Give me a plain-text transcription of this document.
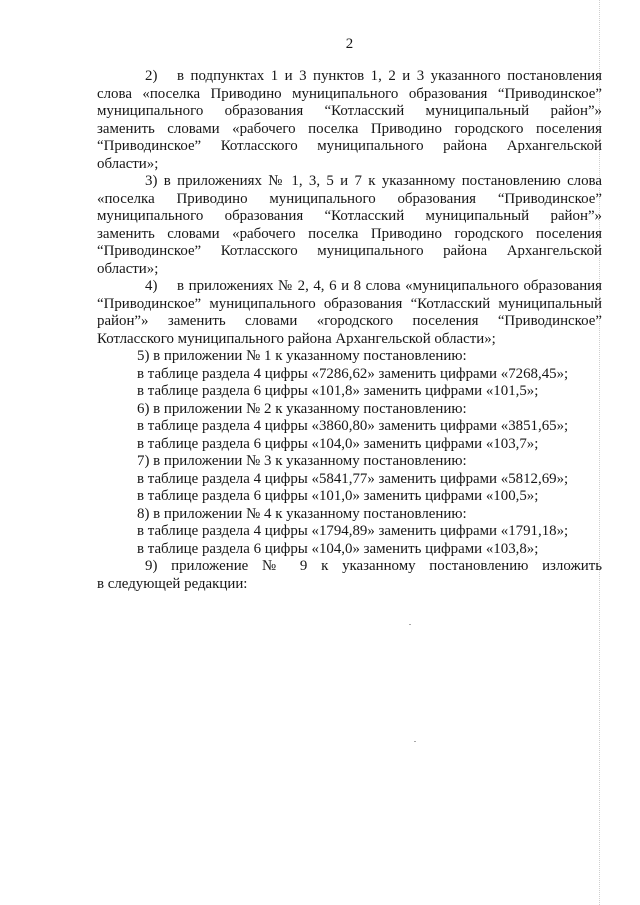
2
2) в подпунктах 1 и 3 пунктов 1, 2 и 3 указанного постановления
слова «поселка Приводино муниципального образования “Приводинское”
муниципального образования “Котласский муниципальный район”»
заменить словами «рабочего поселка Приводино городского поселения
“Приводинское” Котласского муниципального района Архангельской
области»;
3) в приложениях № 1, 3, 5 и 7 к указанному постановлению слова
«поселка Приводино муниципального образования “Приводинское”
муниципального образования “Котласский муниципальный район”»
заменить словами «рабочего поселка Приводино городского поселения
“Приводинское” Котласского муниципального района Архангельской
области»;
4) в приложениях № 2, 4, 6 и 8 слова «муниципального образования
“Приводинское” муниципального образования “Котласский муниципальный
район”» заменить словами «городского поселения “Приводинское”
Котласского муниципального района Архангельской области»;
5) в приложении № 1 к указанному постановлению:
в таблице раздела 4 цифры «7286,62» заменить цифрами «7268,45»;
в таблице раздела 6 цифры «101,8» заменить цифрами «101,5»;
6) в приложении № 2 к указанному постановлению:
в таблице раздела 4 цифры «3860,80» заменить цифрами «3851,65»;
в таблице раздела 6 цифры «104,0» заменить цифрами «103,7»;
7) в приложении № 3 к указанному постановлению:
в таблице раздела 4 цифры «5841,77» заменить цифрами «5812,69»;
в таблице раздела 6 цифры «101,0» заменить цифрами «100,5»;
8) в приложении № 4 к указанному постановлению:
в таблице раздела 4 цифры «1794,89» заменить цифрами «1791,18»;
в таблице раздела 6 цифры «104,0» заменить цифрами «103,8»;
9) приложение № 9 к указанному постановлению изложить
в следующей редакции:
